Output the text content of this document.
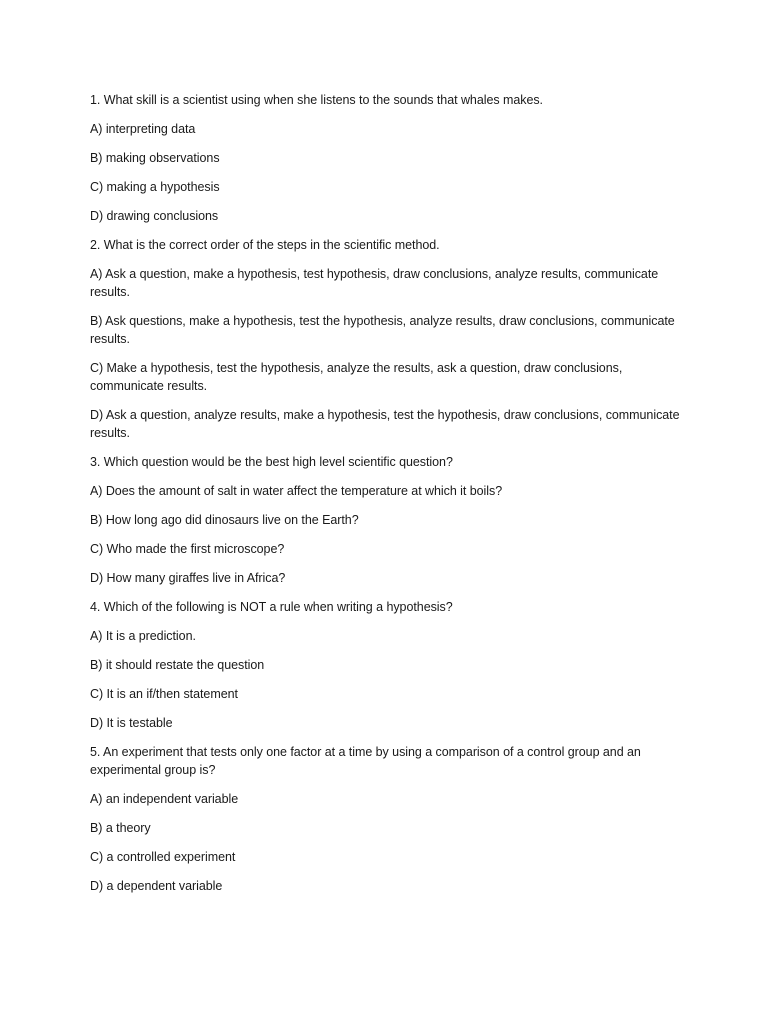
1. What skill is a scientist using when she listens to the sounds that whales makes.

A) interpreting data

B) making observations

C) making a hypothesis

D) drawing conclusions

2. What is the correct order of the steps in the scientific method.

A) Ask a question, make a hypothesis, test hypothesis, draw conclusions, analyze results, communicate results.

B) Ask questions, make a hypothesis, test the hypothesis, analyze results, draw conclusions, communicate results.

C) Make a hypothesis, test the hypothesis, analyze the results, ask a question, draw conclusions, communicate results.

D) Ask a question, analyze results, make a hypothesis, test the hypothesis, draw conclusions, communicate results.

3. Which question would be the best high level scientific question?

A) Does the amount of salt in water affect the temperature at which it boils?

B) How long ago did dinosaurs live on the Earth?

C) Who made the first microscope?

D) How many giraffes live in Africa?

4. Which of the following is NOT a rule when writing a hypothesis?

A) It is a prediction.

B) it should restate the question

C) It is an if/then statement

D) It is testable

5. An experiment that tests only one factor at a time by using a comparison of a control group and an experimental group is?

A) an independent variable

B) a theory

C) a controlled experiment

D) a dependent variable
